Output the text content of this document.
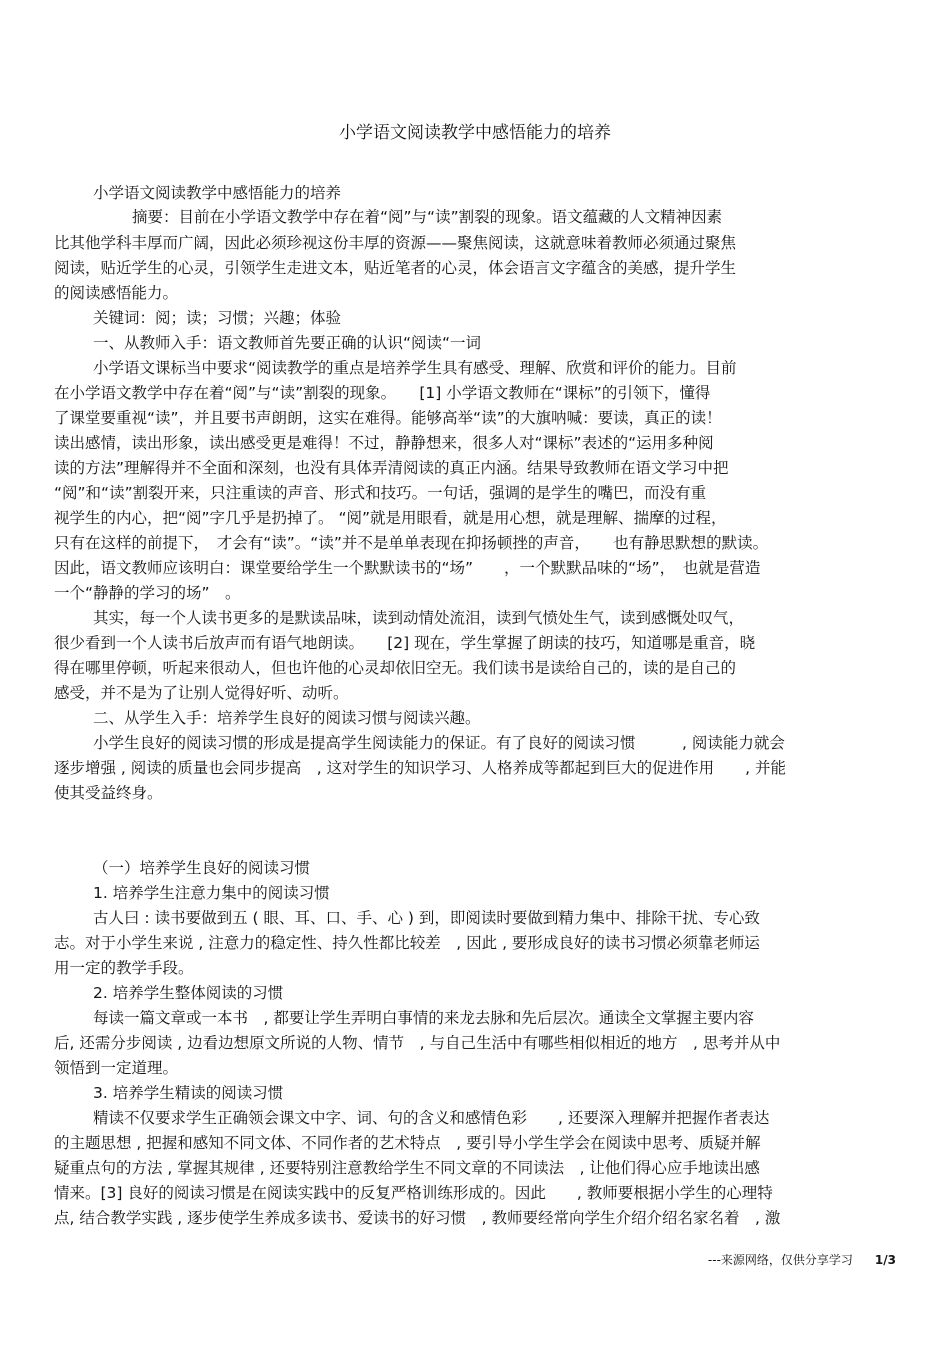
小学语文阅读教学中感悟能力的培养

小学语文阅读教学中感悟能力的培养

摘要：目前在小学语文教学中存在着“阅”与“读”割裂的现象。语文蕴藏的人文精神因素

比其他学科丰厚而广阔，因此必须珍视这份丰厚的资源——聚焦阅读，这就意味着教师必须通过聚焦

阅读，贴近学生的心灵，引领学生走进文本，贴近笔者的心灵，体会语言文字蕴含的美感，提升学生

的阅读感悟能力。

关键词：阅；读；习惯；兴趣；体验

一、从教师入手：语文教师首先要正确的认识“阅读“一词

小学语文课标当中要求“阅读教学的重点是培养学生具有感受、理解、欣赏和评价的能力。目前

在小学语文教学中存在着“阅”与“读”割裂的现象。　　[1] 小学语文教师在“课标”的引领下，懂得

了课堂要重视“读”，并且要书声朗朗，这实在难得。能够高举“读”的大旗呐喊：要读，真正的读！

读出感情，读出形象，读出感受更是难得！不过，静静想来，很多人对“课标”表述的“运用多种阅

读的方法”理解得并不全面和深刻，也没有具体弄清阅读的真正内涵。结果导致教师在语文学习中把

“阅”和“读”割裂开来，只注重读的声音、形式和技巧。一句话，强调的是学生的嘴巴，而没有重

视学生的内心，把“阅”字几乎是扔掉了。 “阅”就是用眼看，就是用心想，就是理解、揣摩的过程，

只有在这样的前提下，　才会有“读”。“读”并不是单单表现在抑扬顿挫的声音，　　也有静思默想的默读。

因此，语文教师应该明白：课堂要给学生一个默默读书的“场”　　，一个默默品味的“场”，　也就是营造

一个“静静的学习的场”　。

其实，每一个人读书更多的是默读品味，读到动情处流泪，读到气愤处生气，读到感慨处叹气，

很少看到一个人读书后放声而有语气地朗读。　　[2] 现在，学生掌握了朗读的技巧，知道哪是重音，晓

得在哪里停顿，听起来很动人，但也许他的心灵却依旧空无。我们读书是读给自己的，读的是自己的

感受，并不是为了让别人觉得好听、动听。

二、从学生入手：培养学生良好的阅读习惯与阅读兴趣。

小学生良好的阅读习惯的形成是提高学生阅读能力的保证。有了良好的阅读习惯　　　, 阅读能力就会

逐步增强 , 阅读的质量也会同步提高　, 这对学生的知识学习、人格养成等都起到巨大的促进作用　　, 并能

使其受益终身。

（一）培养学生良好的阅读习惯

1. 培养学生注意力集中的阅读习惯

古人曰 : 读书要做到五 ( 眼、耳、口、手、心 ) 到，即阅读时要做到精力集中、排除干扰、专心致

志。对于小学生来说 , 注意力的稳定性、持久性都比较差　, 因此 , 要形成良好的读书习惯必须靠老师运

用一定的教学手段。

2. 培养学生整体阅读的习惯

每读一篇文章或一本书　, 都要让学生弄明白事情的来龙去脉和先后层次。通读全文掌握主要内容

后, 还需分步阅读 , 边看边想原文所说的人物、情节　, 与自己生活中有哪些相似相近的地方　, 思考并从中

领悟到一定道理。

3. 培养学生精读的阅读习惯

精读不仅要求学生正确领会课文中字、词、句的含义和感情色彩　　, 还要深入理解并把握作者表达

的主题思想 , 把握和感知不同文体、不同作者的艺术特点　, 要引导小学生学会在阅读中思考、质疑并解

疑重点句的方法 , 掌握其规律 , 还要特别注意教给学生不同文章的不同读法　, 让他们得心应手地读出感

情来。[3] 良好的阅读习惯是在阅读实践中的反复严格训练形成的。因此　　, 教师要根据小学生的心理特

点, 结合教学实践 , 逐步使学生养成多读书、爱读书的好习惯　, 教师要经常向学生介绍介绍名家名着　, 激

---来源网络，仅供分享学习 1/3
